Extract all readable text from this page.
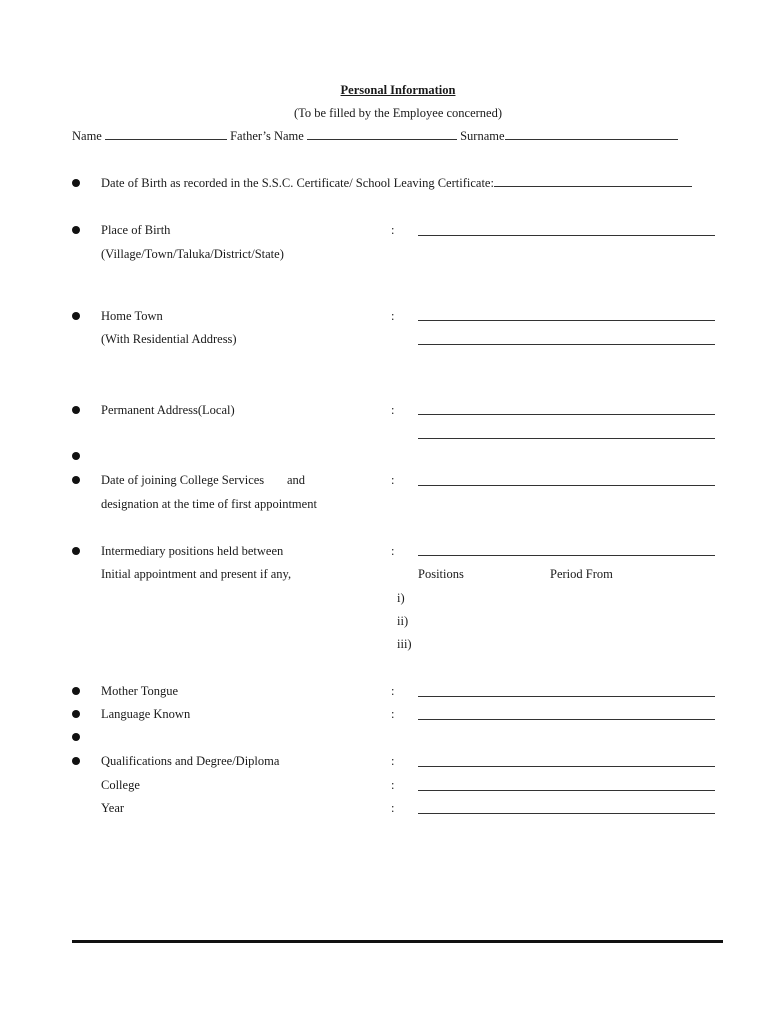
Personal Information
(To be filled by the Employee concerned)
Name	Father’s Name	Surname
Date of Birth as recorded in the S.S.C. Certificate/ School Leaving Certificate:
Place of Birth	:
(Village/Town/Taluka/District/State)
Home Town	:
(With Residential Address)
Permanent Address(Local)	:
Date of joining College Services and	:
designation at the time of first appointment
Intermediary positions held between	:
Initial appointment and present if any,	Positions	Period From
i)
ii)
iii)
Mother Tongue	:
Language Known	:
Qualifications and Degree/Diploma	:
College	:
Year	:
